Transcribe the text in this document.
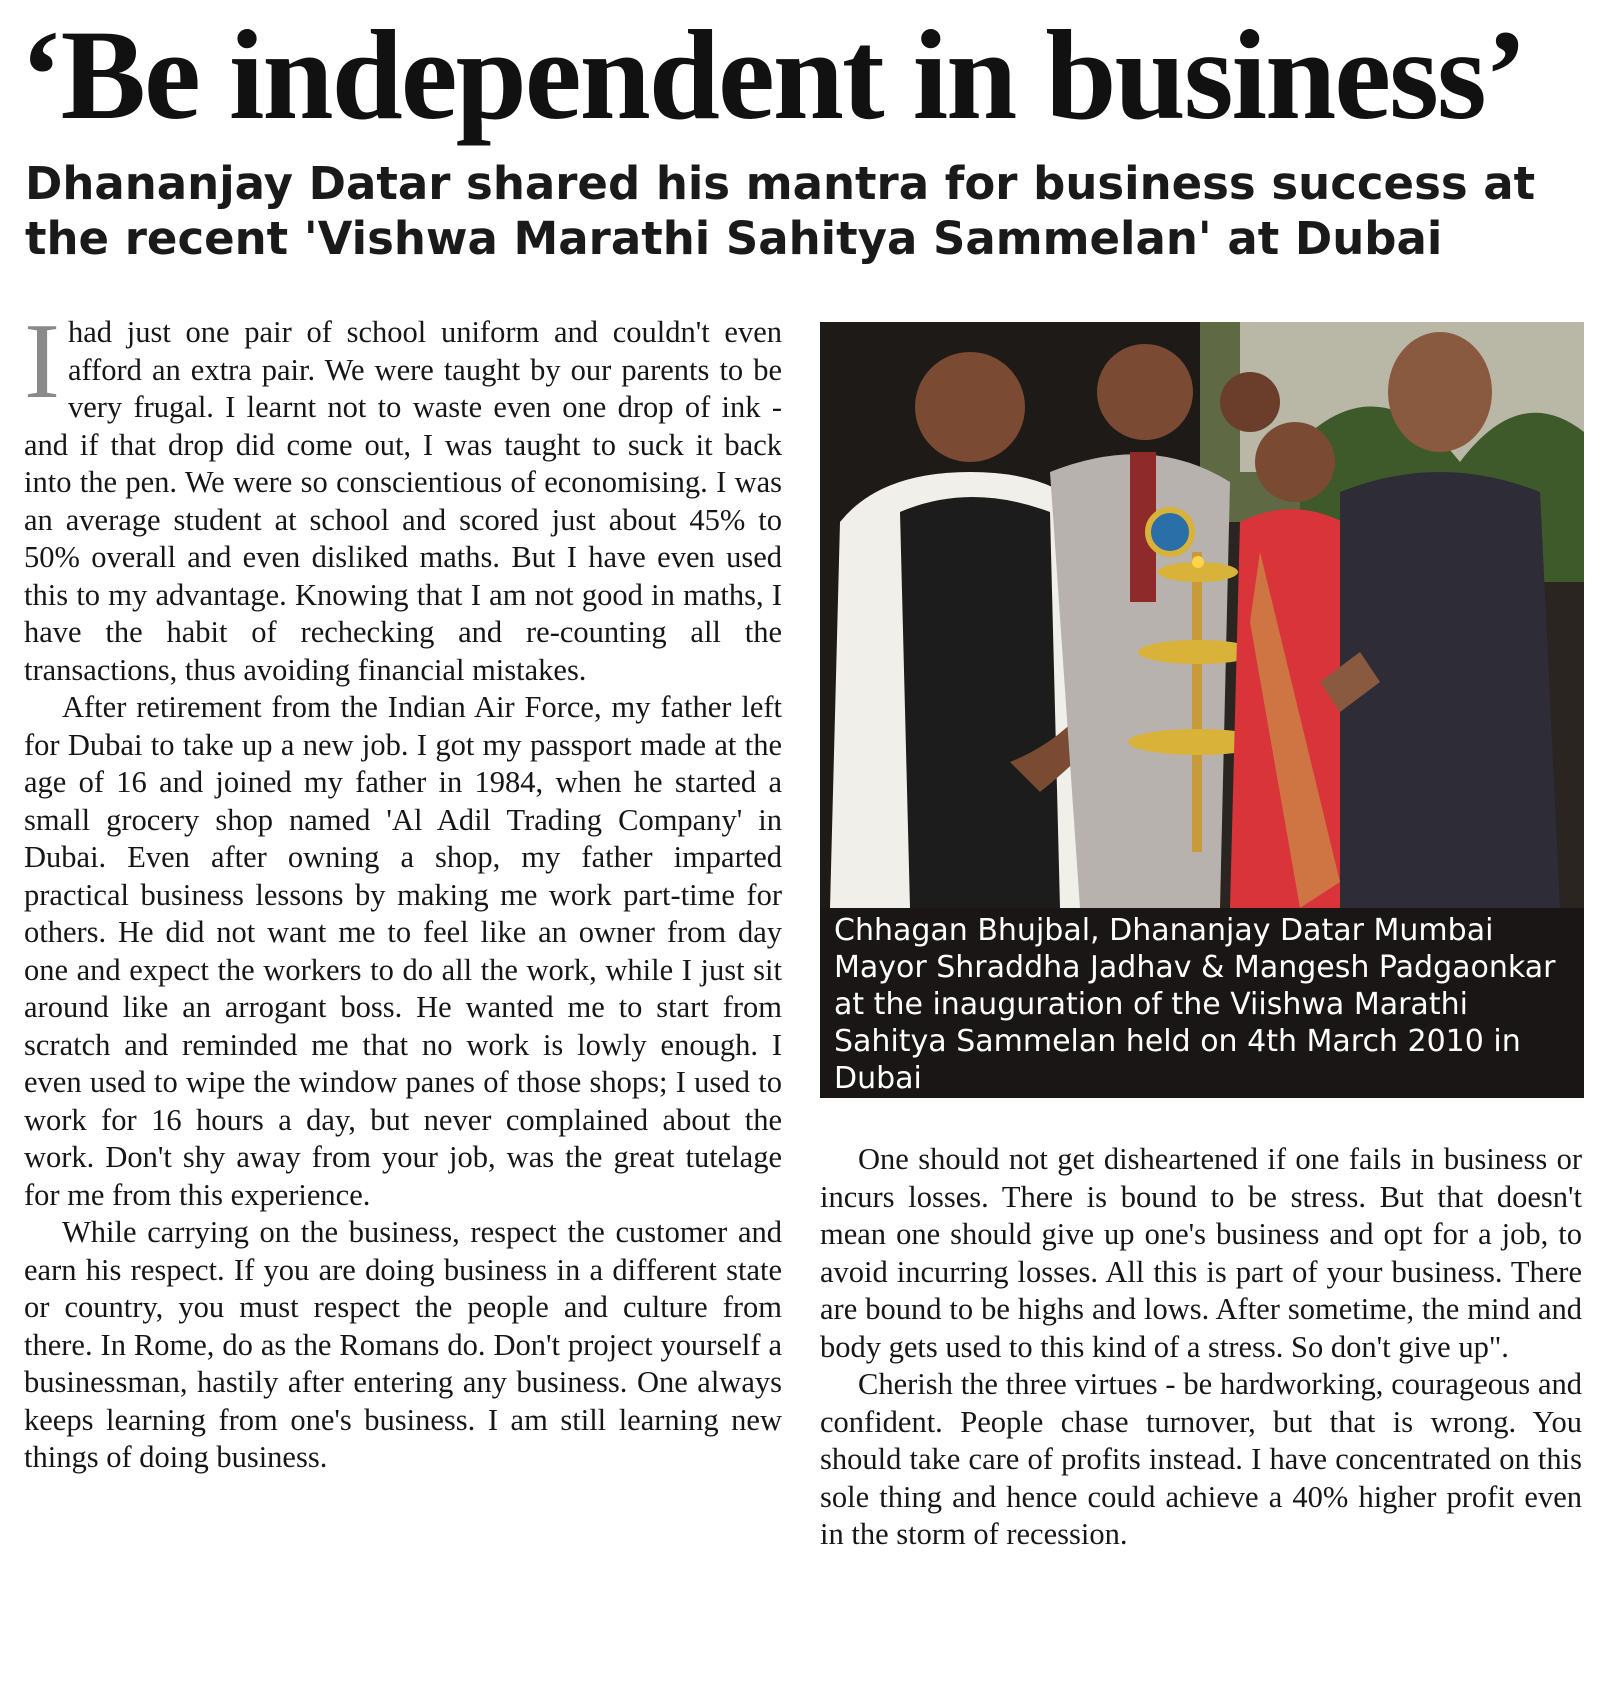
‘Be independent in business’
Dhananjay Datar shared his mantra for business success at the recent 'Vishwa Marathi Sahitya Sammelan' at Dubai

Ihad just one pair of school uniform and couldn't even afford an extra pair. We were taught by our parents to be very frugal. I learnt not to waste even one drop of ink - and if that drop did come out, I was taught to suck it back into the pen. We were so conscientious of economising. I was an average student at school and scored just about 45% to 50% overall and even disliked maths. But I have even used this to my advantage. Knowing that I am not good in maths, I have the habit of rechecking and re-counting all the transactions, thus avoiding financial mistakes.

After retirement from the Indian Air Force, my father left for Dubai to take up a new job. I got my passport made at the age of 16 and joined my father in 1984, when he started a small grocery shop named 'Al Adil Trading Company' in Dubai. Even after owning a shop, my father imparted practical business lessons by making me work part-time for others. He did not want me to feel like an owner from day one and expect the workers to do all the work, while I just sit around like an arrogant boss. He wanted me to start from scratch and reminded me that no work is lowly enough. I even used to wipe the window panes of those shops; I used to work for 16 hours a day, but never complained about the work. Don't shy away from your job, was the great tutelage for me from this experience.

While carrying on the business, respect the customer and earn his respect. If you are doing business in a different state or country, you must respect the people and culture from there. In Rome, do as the Romans do. Don't project yourself a businessman, hastily after entering any business. One always keeps learning from one's business. I am still learning new things of doing business.

Chhagan Bhujbal, Dhananjay Datar Mumbai Mayor Shraddha Jadhav & Mangesh Padgaonkar at the inauguration of the Viishwa Marathi Sahitya Sammelan held on 4th March 2010 in Dubai

One should not get disheartened if one fails in business or incurs losses. There is bound to be stress. But that doesn't mean one should give up one's business and opt for a job, to avoid incurring losses. All this is part of your business. There are bound to be highs and lows. After sometime, the mind and body gets used to this kind of a stress. So don't give up".

Cherish the three virtues - be hardworking, courageous and confident. People chase turnover, but that is wrong. You should take care of profits instead. I have concentrated on this sole thing and hence could achieve a 40% higher profit even in the storm of recession.
